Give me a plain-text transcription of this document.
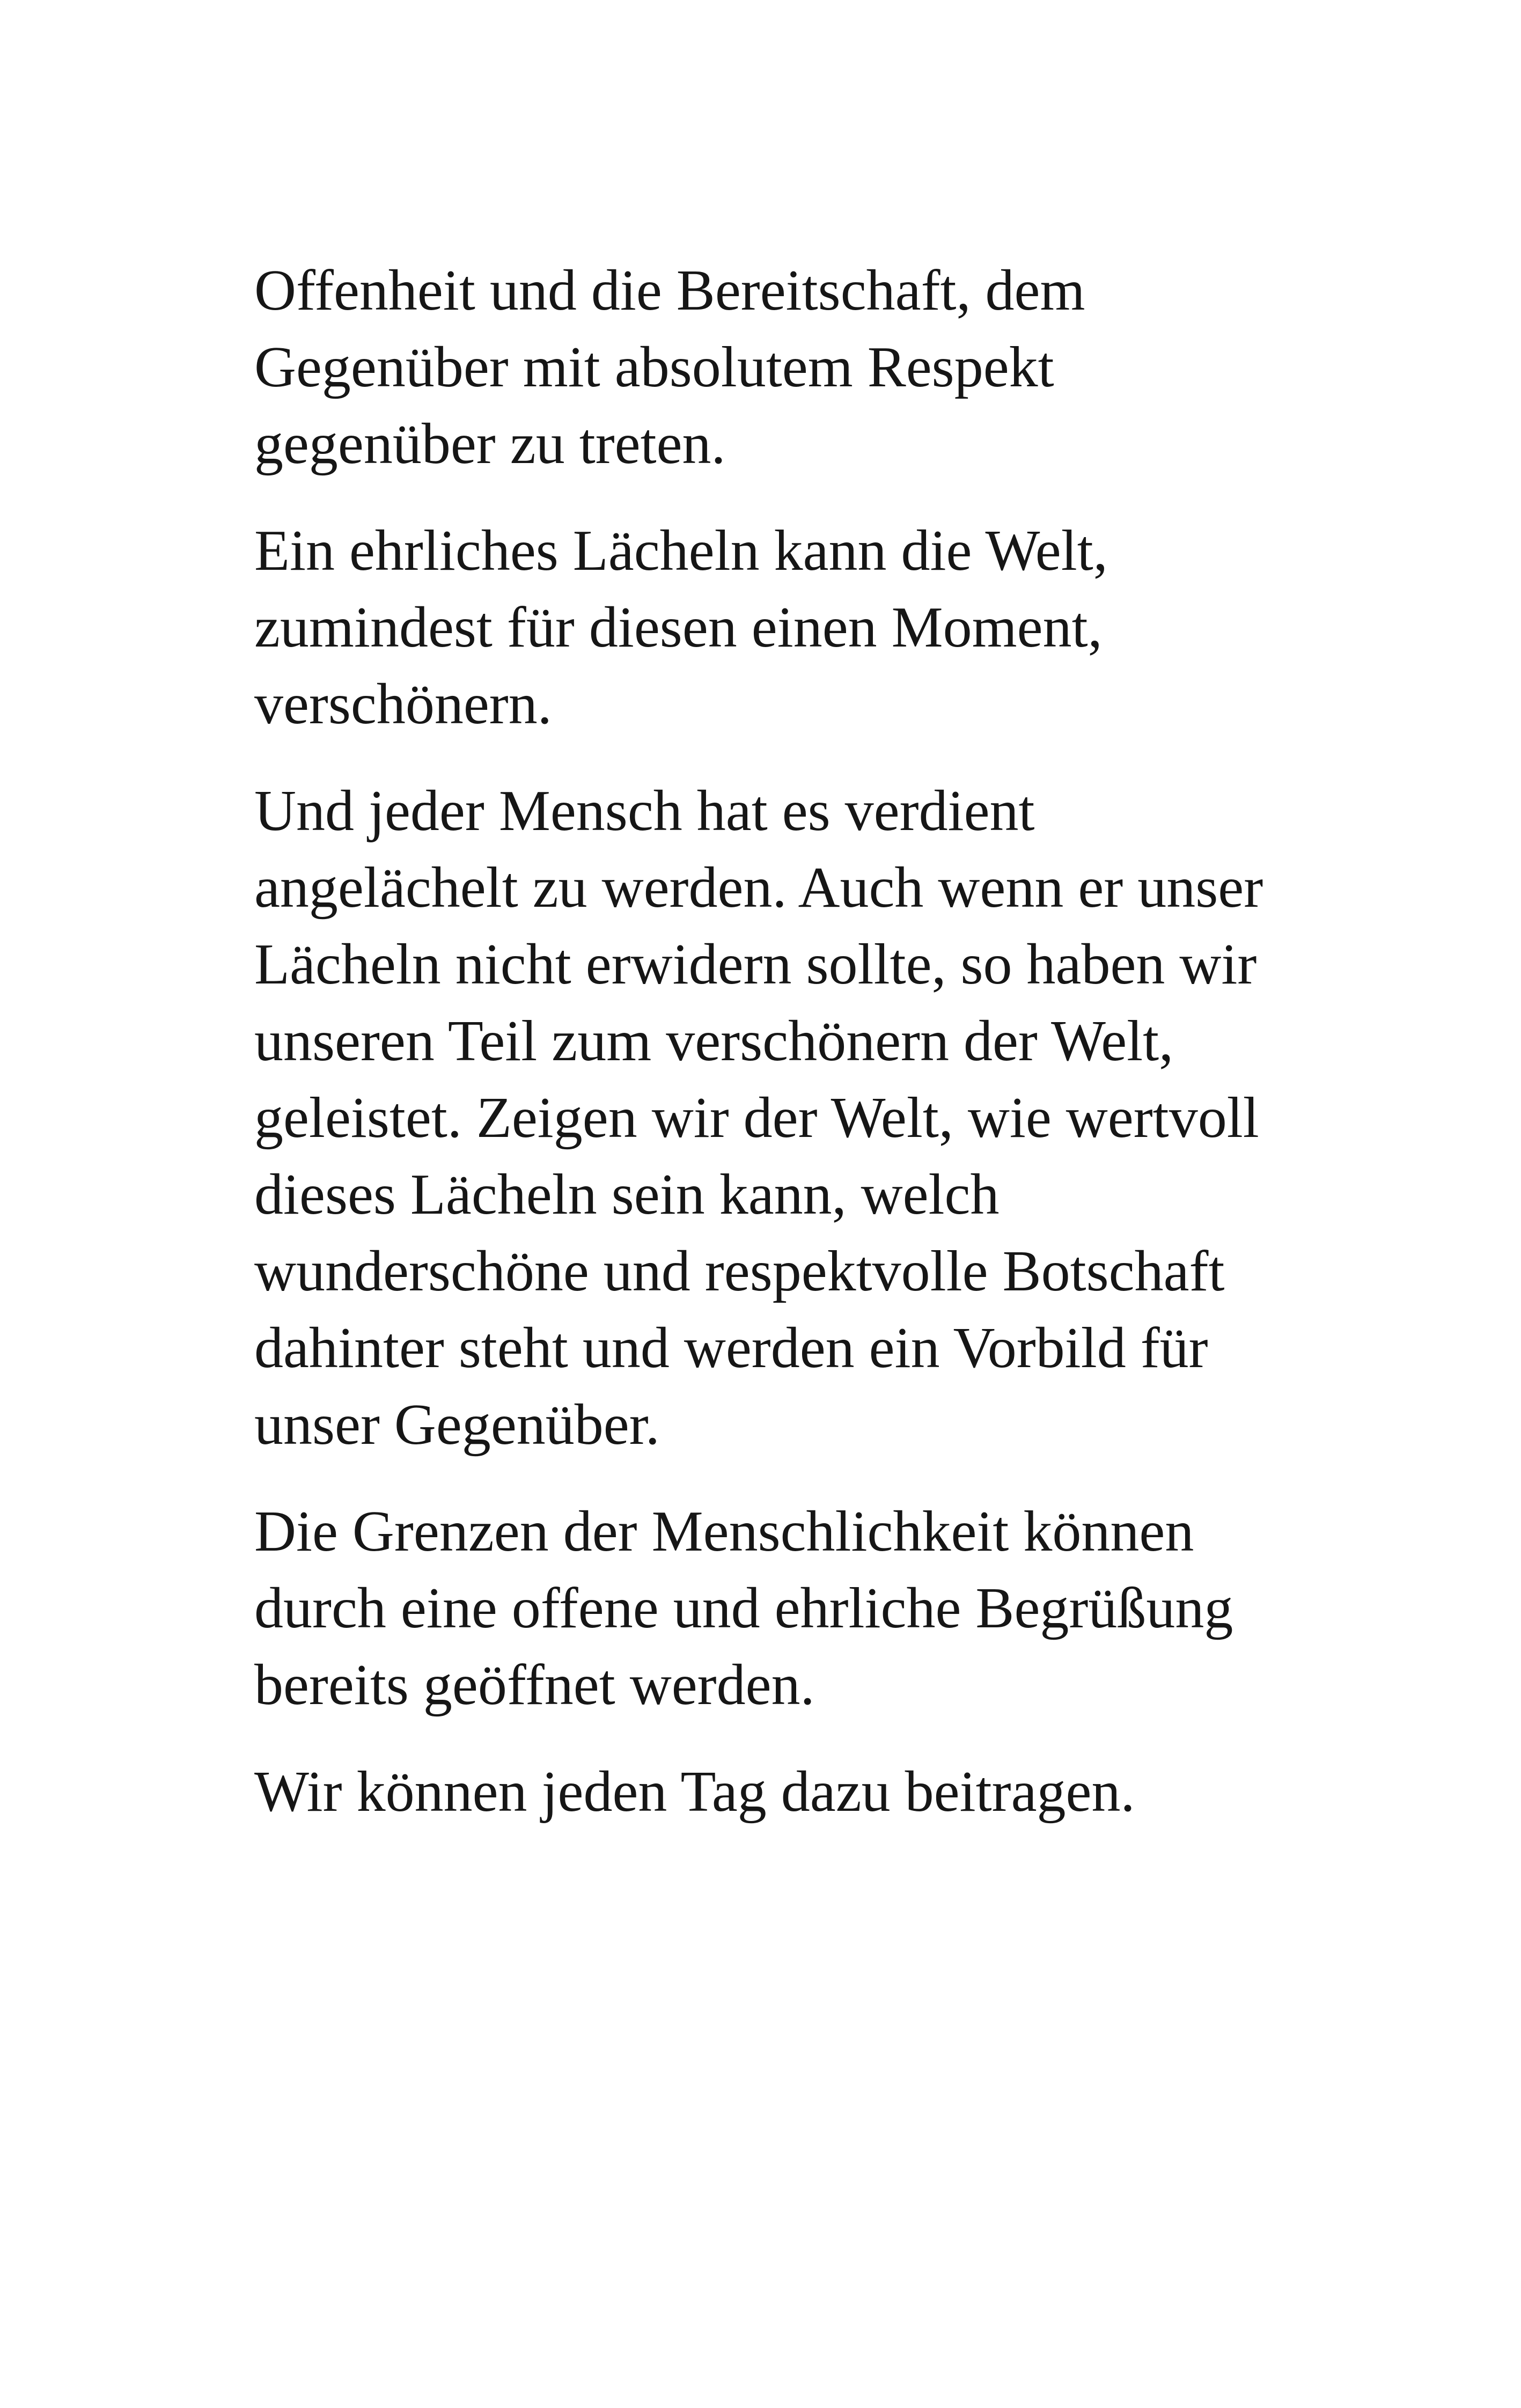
Offenheit und die Bereitschaft, dem
Gegenüber mit absolutem Respekt
gegenüber zu treten.

Ein ehrliches Lächeln kann die Welt,
zumindest für diesen einen Moment,
verschönern.

Und jeder Mensch hat es verdient
angelächelt zu werden. Auch wenn er unser
Lächeln nicht erwidern sollte, so haben wir
unseren Teil zum verschönern der Welt,
geleistet. Zeigen wir der Welt, wie wertvoll
dieses Lächeln sein kann, welch
wunderschöne und respektvolle Botschaft
dahinter steht und werden ein Vorbild für
unser Gegenüber.

Die Grenzen der Menschlichkeit können
durch eine offene und ehrliche Begrüßung
bereits geöffnet werden.

Wir können jeden Tag dazu beitragen.
